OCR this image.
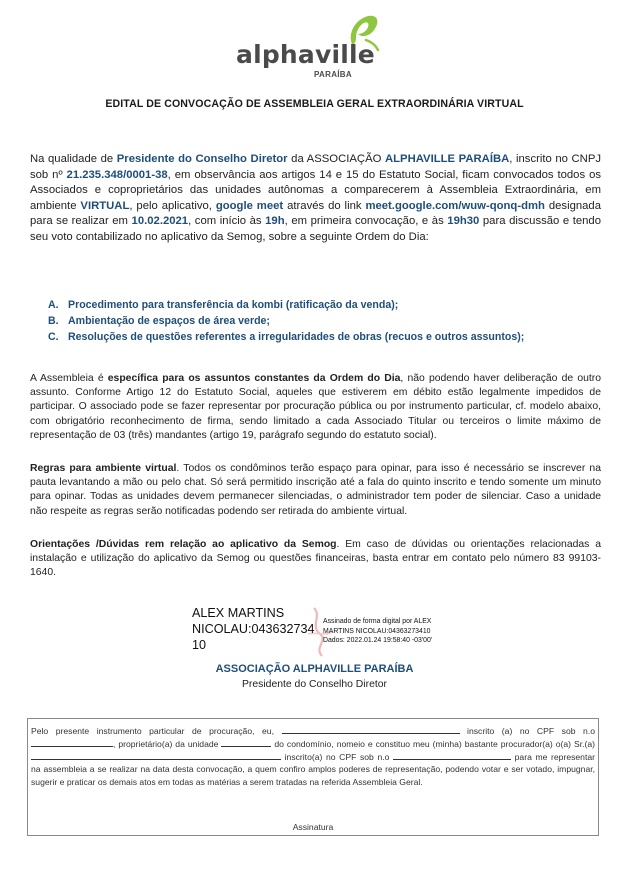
alphaville
PARAÍBA
EDITAL DE CONVOCAÇÃO DE ASSEMBLEIA GERAL EXTRAORDINÁRIA VIRTUAL
Na qualidade de Presidente do Conselho Diretor da ASSOCIAÇÃO ALPHAVILLE PARAÍBA, inscrito no CNPJ sob nº 21.235.348/0001-38, em observância aos artigos 14 e 15 do Estatuto Social, ficam convocados todos os Associados e coproprietários das unidades autônomas a comparecerem à Assembleia Extraordinária, em ambiente VIRTUAL, pelo aplicativo, google meet através do link meet.google.com/wuw-qonq-dmh designada para se realizar em 10.02.2021, com início às 19h, em primeira convocação, e às 19h30 para discussão e tendo seu voto contabilizado no aplicativo da Semog, sobre a seguinte Ordem do Dia:
A. Procedimento para transferência da kombi (ratificação da venda);
B. Ambientação de espaços de área verde;
C. Resoluções de questões referentes a irregularidades de obras (recuos e outros assuntos);
A Assembleia é específica para os assuntos constantes da Ordem do Dia, não podendo haver deliberação de outro assunto. Conforme Artigo 12 do Estatuto Social, aqueles que estiverem em débito estão legalmente impedidos de participar. O associado pode se fazer representar por procuração pública ou por instrumento particular, cf. modelo abaixo, com obrigatório reconhecimento de firma, sendo limitado a cada Associado Titular ou terceiros o limite máximo de representação de 03 (três) mandantes (artigo 19, parágrafo segundo do estatuto social).
Regras para ambiente virtual. Todos os condôminos terão espaço para opinar, para isso é necessário se inscrever na pauta levantando a mão ou pelo chat. Só será permitido inscrição até a fala do quinto inscrito e tendo somente um minuto para opinar. Todas as unidades devem permanecer silenciadas, o administrador tem poder de silenciar. Caso a unidade não respeite as regras serão notificadas podendo ser retirada do ambiente virtual.
Orientações /Dúvidas rem relação ao aplicativo da Semog. Em caso de dúvidas ou orientações relacionadas a instalação e utilização do aplicativo da Semog ou questões financeiras, basta entrar em contato pelo número 83 99103-1640.
ALEX MARTINS
NICOLAU:043632734
10
Assinado de forma digital por ALEX
MARTINS NICOLAU:04363273410
Dados: 2022.01.24 19:58:40 -03'00'
ASSOCIAÇÃO ALPHAVILLE PARAÍBA
Presidente do Conselho Diretor
Pelo presente instrumento particular de procuração, eu,	inscrito (a) no CPF sob n.o , proprietário(a) da unidade	do condomínio, nomeio e constituo meu (minha) bastante procurador(a) o(a) Sr.(a)  inscrito(a) no CPF sob n.o	para me representar na assembleia a se realizar na data desta convocação, a quem confiro amplos poderes de representação, podendo votar e ser votado, impugnar, sugerir e praticar os demais atos em todas as matérias a serem tratadas na referida Assembleia Geral.
Assinatura
